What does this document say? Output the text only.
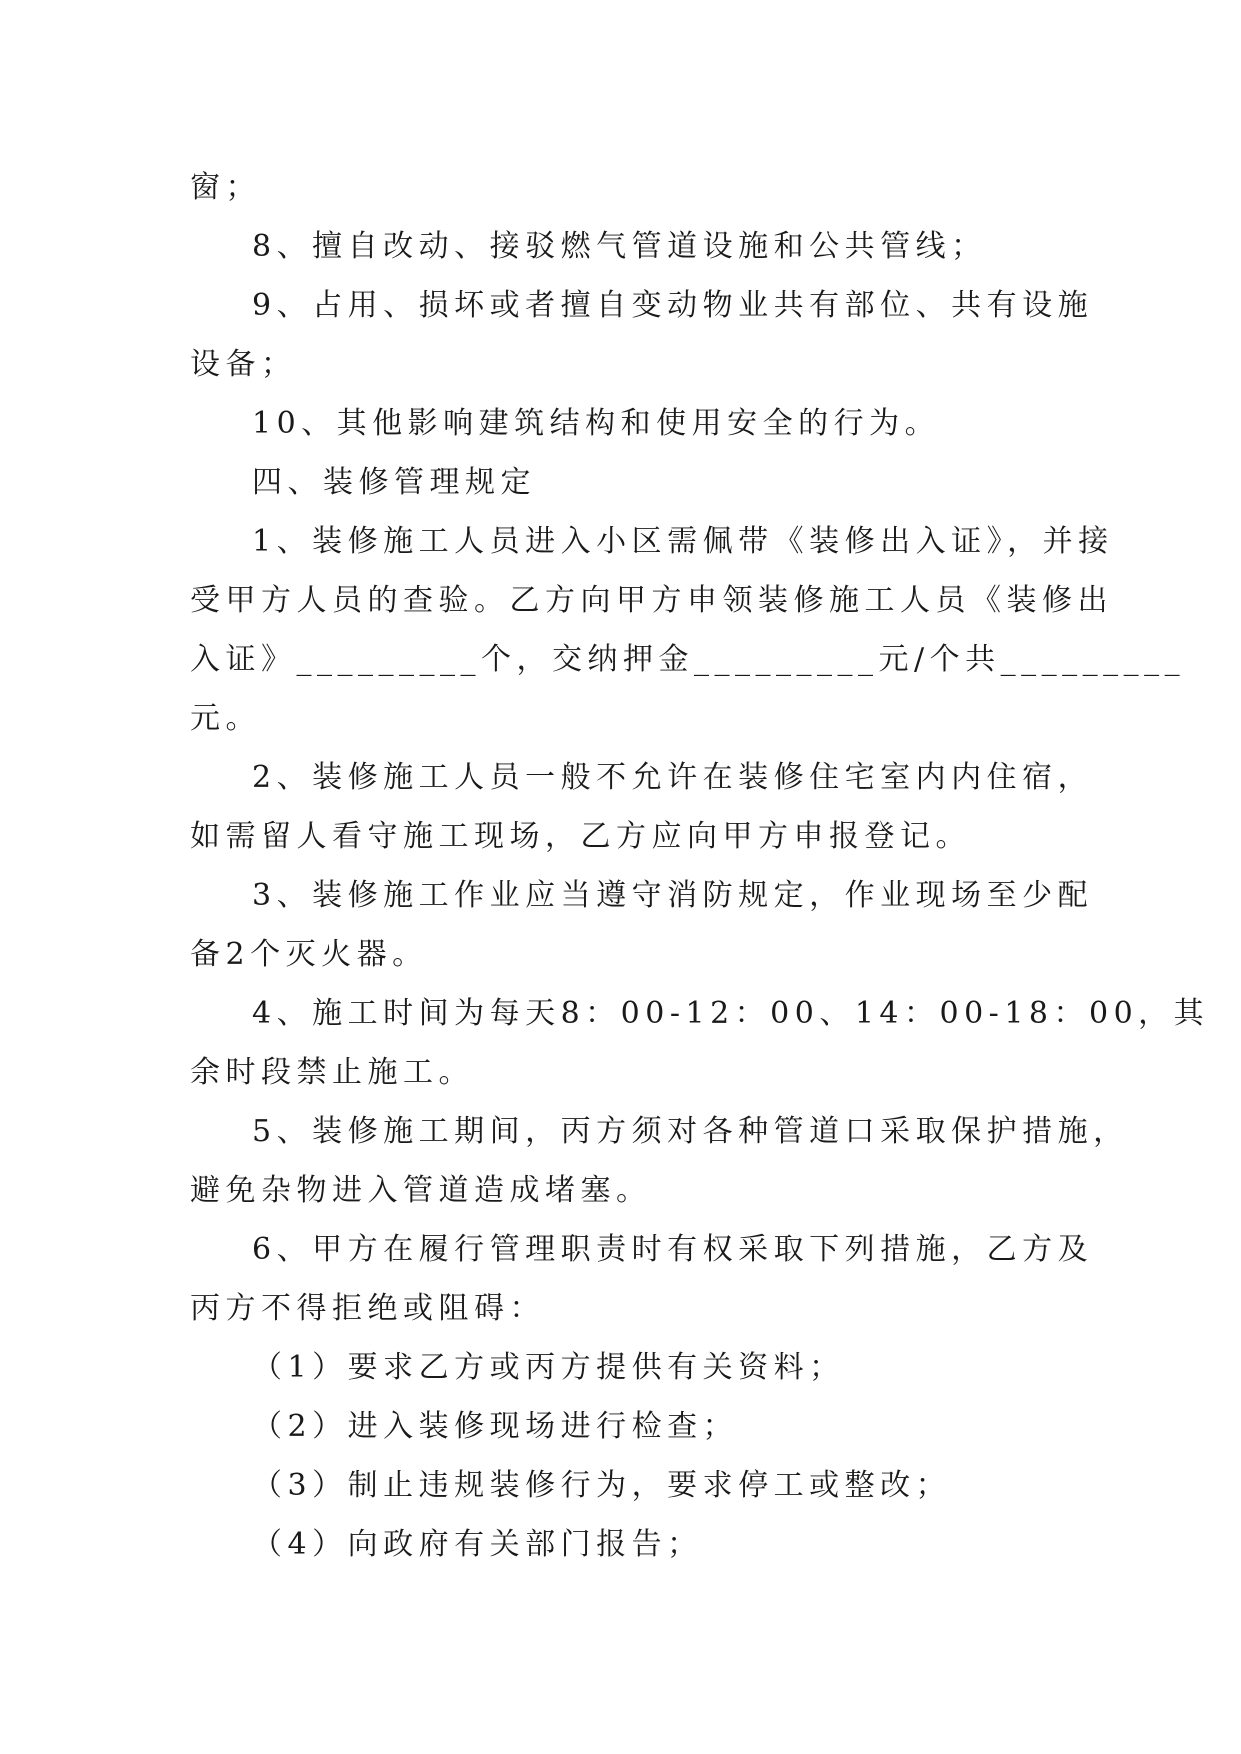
窗；
8、擅自改动、接驳燃气管道设施和公共管线；
9、占用、损坏或者擅自变动物业共有部位、共有设施
设备；
10、其他影响建筑结构和使用安全的行为。
四、装修管理规定
1、装修施工人员进入小区需佩带《装修出入证》，并接
受甲方人员的查验。乙方向甲方申领装修施工人员《装修出
入证》_________个，交纳押金_________元/个共_________
元。
2、装修施工人员一般不允许在装修住宅室内内住宿，
如需留人看守施工现场，乙方应向甲方申报登记。
3、装修施工作业应当遵守消防规定，作业现场至少配
备2个灭火器。
4、施工时间为每天8：00-12：00、14：00-18：00，其
余时段禁止施工。
5、装修施工期间，丙方须对各种管道口采取保护措施，
避免杂物进入管道造成堵塞。
6、甲方在履行管理职责时有权采取下列措施，乙方及
丙方不得拒绝或阻碍：
（1）要求乙方或丙方提供有关资料；
（2）进入装修现场进行检查；
（3）制止违规装修行为，要求停工或整改；
（4）向政府有关部门报告；
